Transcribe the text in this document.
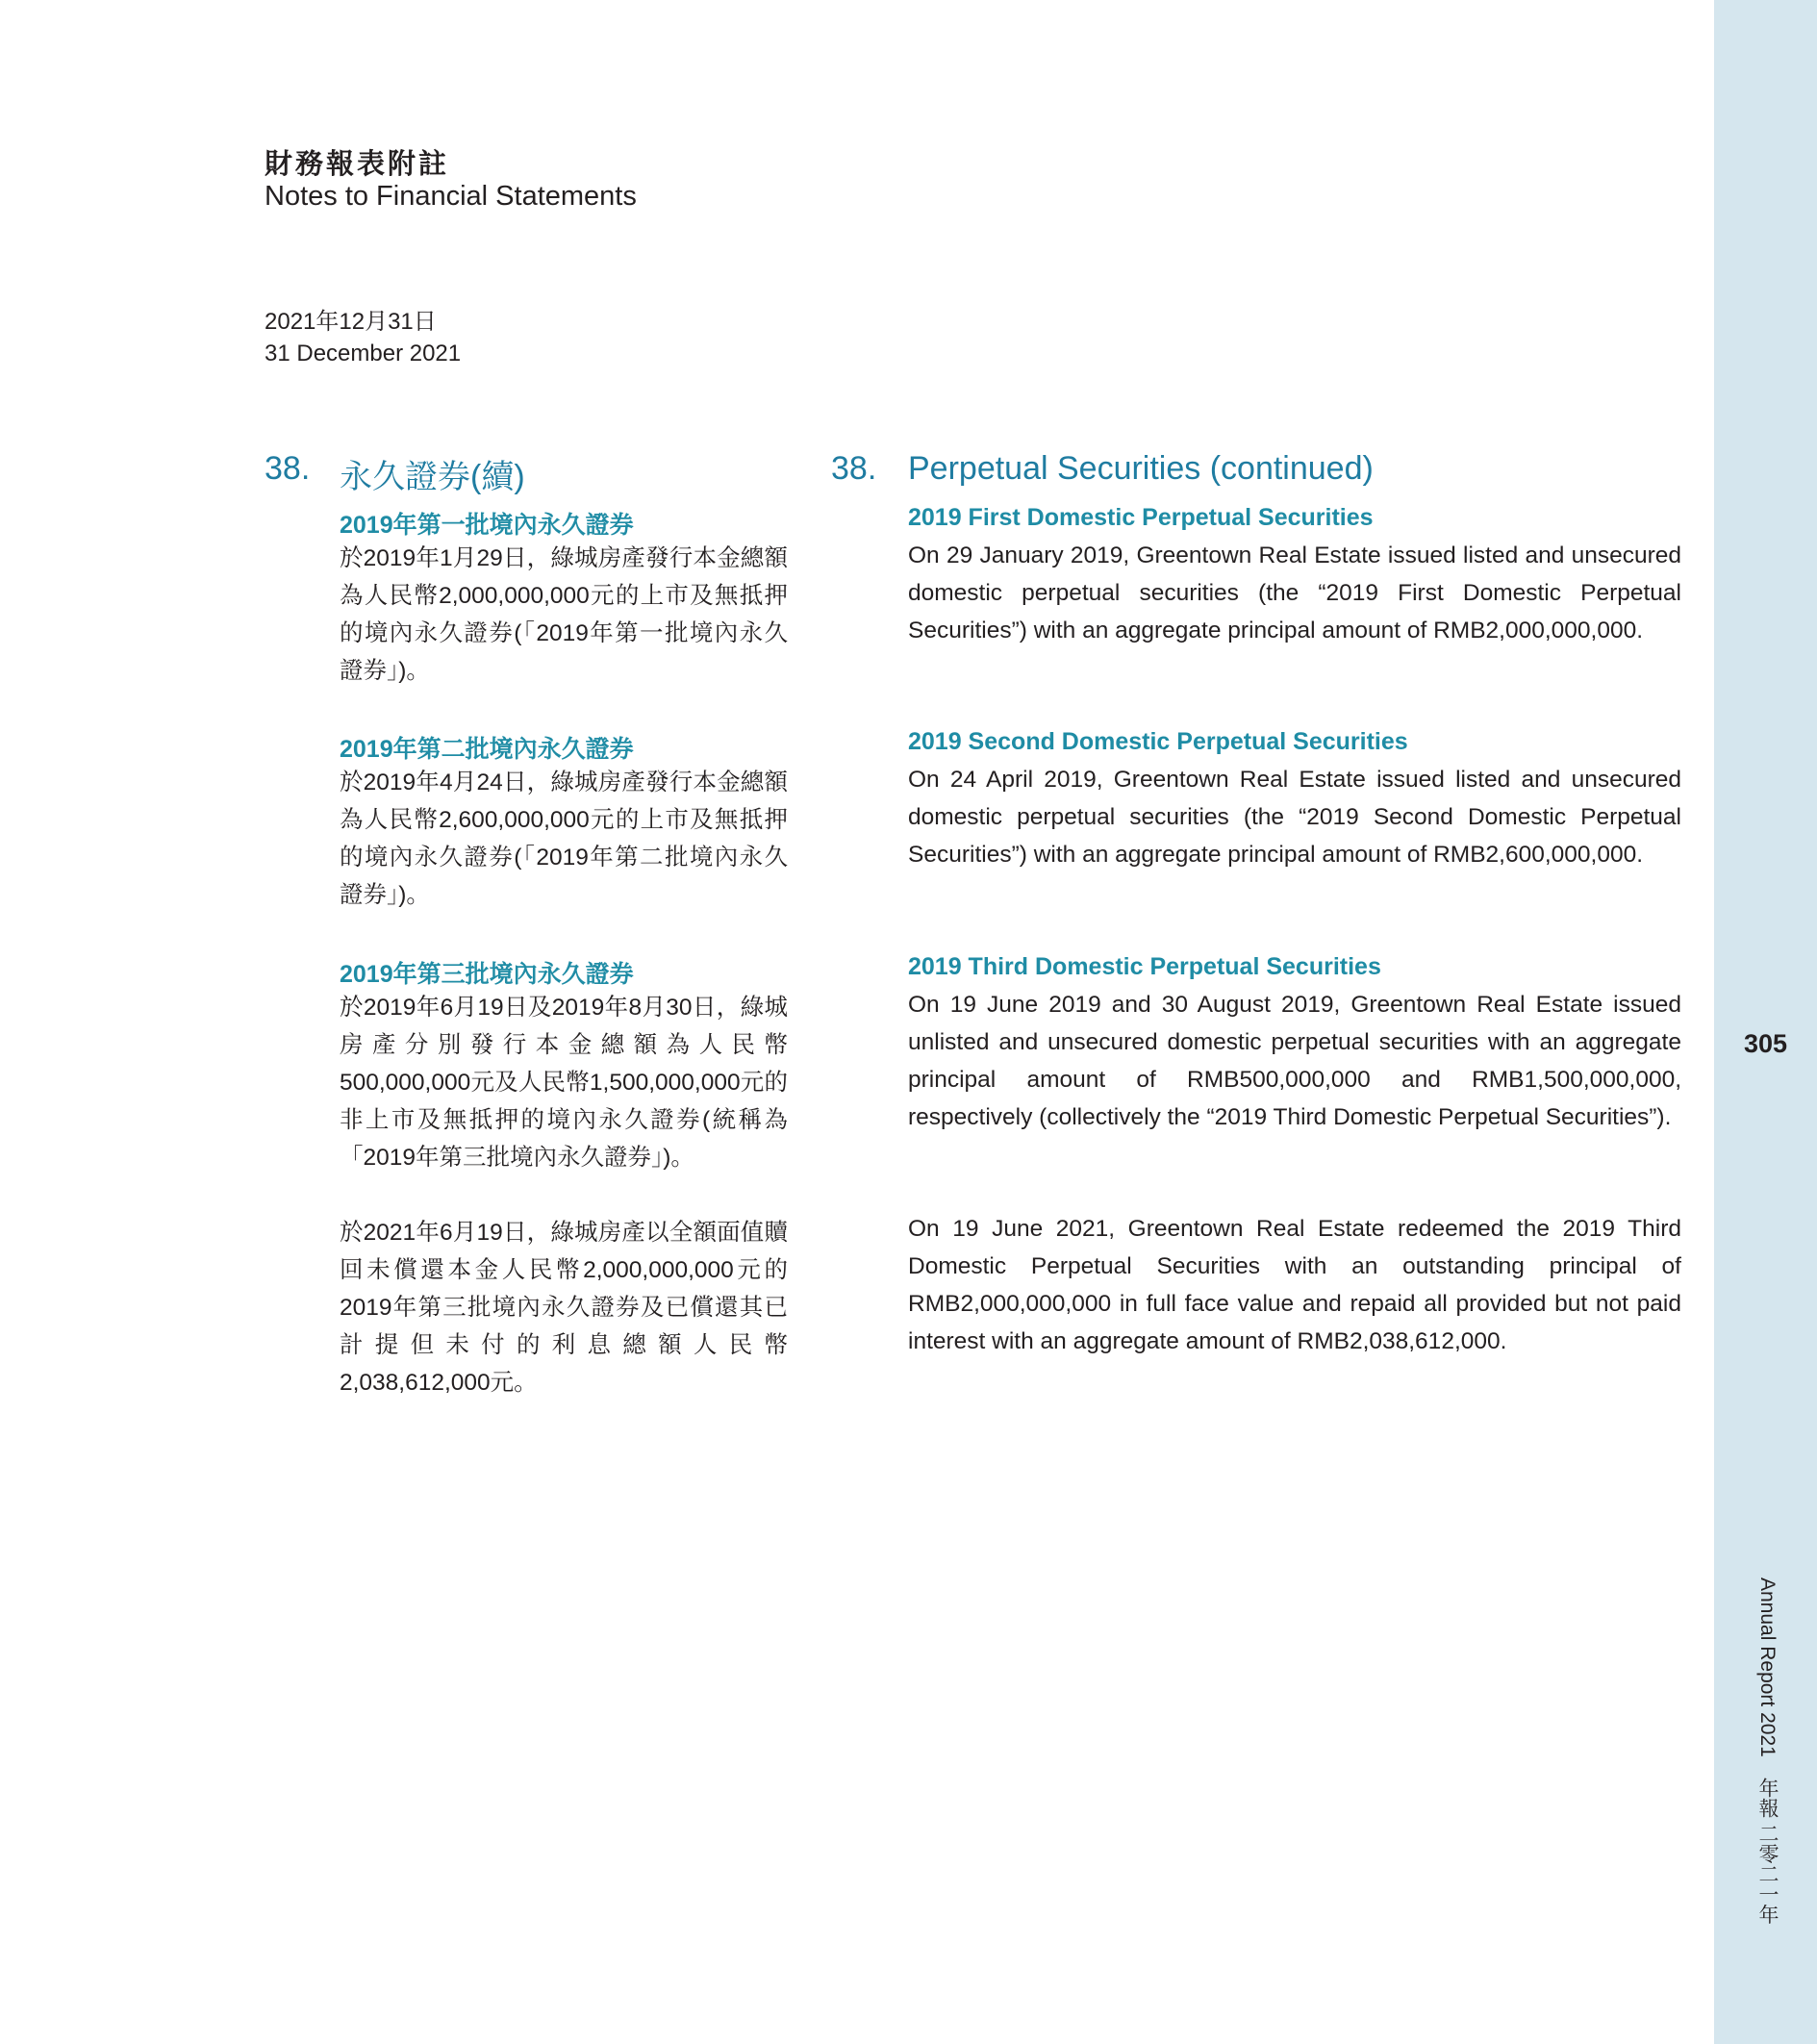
305
Annual Report 2021　年報 二零二一年
財務報表附註
Notes to Financial Statements
2021年12月31日
31 December 2021
38. 永久證券(續)	38. Perpetual Securities (continued)
2019年第一批境內永久證券
於2019年1月29日，綠城房產發行本金總額為人民幣2,000,000,000元的上市及無抵押的境內永久證券(「2019年第一批境內永久證券」)。
2019 First Domestic Perpetual Securities
On 29 January 2019, Greentown Real Estate issued listed and unsecured domestic perpetual securities (the “2019 First Domestic Perpetual Securities”) with an aggregate principal amount of RMB2,000,000,000.
2019年第二批境內永久證券
於2019年4月24日，綠城房產發行本金總額為人民幣2,600,000,000元的上市及無抵押的境內永久證券(「2019年第二批境內永久證券」)。
2019 Second Domestic Perpetual Securities
On 24 April 2019, Greentown Real Estate issued listed and unsecured domestic perpetual securities (the “2019 Second Domestic Perpetual Securities”) with an aggregate principal amount of RMB2,600,000,000.
2019年第三批境內永久證券
於2019年6月19日及2019年8月30日，綠城房產分別發行本金總額為人民幣500,000,000元及人民幣1,500,000,000元的非上市及無抵押的境內永久證券(統稱為「2019年第三批境內永久證券」)。
2019 Third Domestic Perpetual Securities
On 19 June 2019 and 30 August 2019, Greentown Real Estate issued unlisted and unsecured domestic perpetual securities with an aggregate principal amount of RMB500,000,000 and RMB1,500,000,000, respectively (collectively the “2019 Third Domestic Perpetual Securities”).
於2021年6月19日，綠城房產以全額面值贖回未償還本金人民幣2,000,000,000元的2019年第三批境內永久證券及已償還其已計提但未付的利息總額人民幣2,038,612,000元。
On 19 June 2021, Greentown Real Estate redeemed the 2019 Third Domestic Perpetual Securities with an outstanding principal of RMB2,000,000,000 in full face value and repaid all provided but not paid interest with an aggregate amount of RMB2,038,612,000.
